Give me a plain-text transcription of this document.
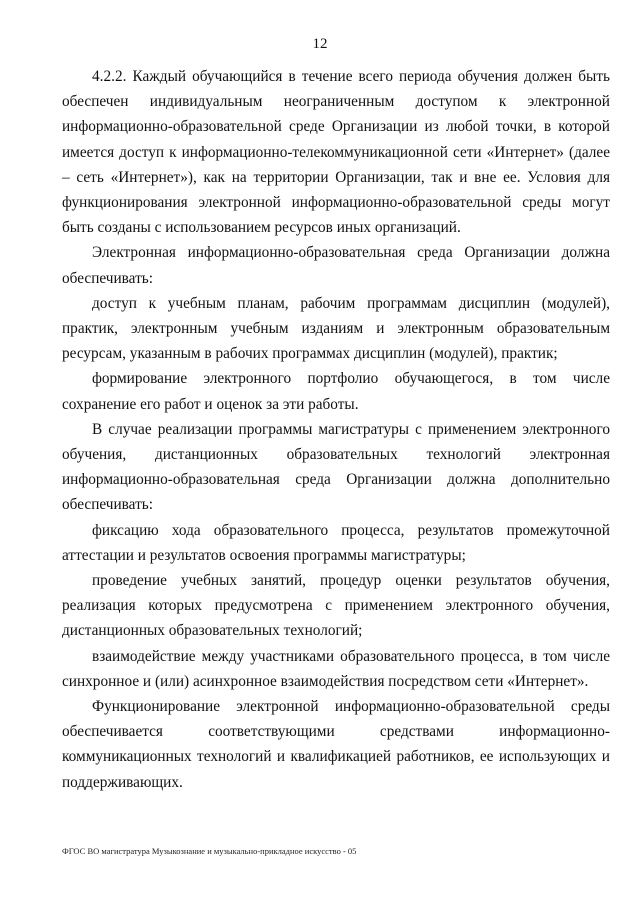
12

4.2.2. Каждый обучающийся в течение всего периода обучения должен быть обеспечен индивидуальным неограниченным доступом к электронной информационно-образовательной среде Организации из любой точки, в которой имеется доступ к информационно-телекоммуникационной сети «Интернет» (далее – сеть «Интернет»), как на территории Организации, так и вне ее. Условия для функционирования электронной информационно-образовательной среды могут быть созданы с использованием ресурсов иных организаций.

Электронная информационно-образовательная среда Организации должна обеспечивать:

доступ к учебным планам, рабочим программам дисциплин (модулей), практик, электронным учебным изданиям и электронным образовательным ресурсам, указанным в рабочих программах дисциплин (модулей), практик;

формирование электронного портфолио обучающегося, в том числе сохранение его работ и оценок за эти работы.

В случае реализации программы магистратуры с применением электронного обучения, дистанционных образовательных технологий электронная информационно-образовательная среда Организации должна дополнительно обеспечивать:

фиксацию хода образовательного процесса, результатов промежуточной аттестации и результатов освоения программы магистратуры;

проведение учебных занятий, процедур оценки результатов обучения, реализация которых предусмотрена с применением электронного обучения, дистанционных образовательных технологий;

взаимодействие между участниками образовательного процесса, в том числе синхронное и (или) асинхронное взаимодействия посредством сети «Интернет».

Функционирование электронной информационно-образовательной среды обеспечивается соответствующими средствами информационно-коммуникационных технологий и квалификацией работников, ее использующих и поддерживающих.

ФГОС ВО магистратура Музыкознание и музыкально-прикладное искусство - 05
